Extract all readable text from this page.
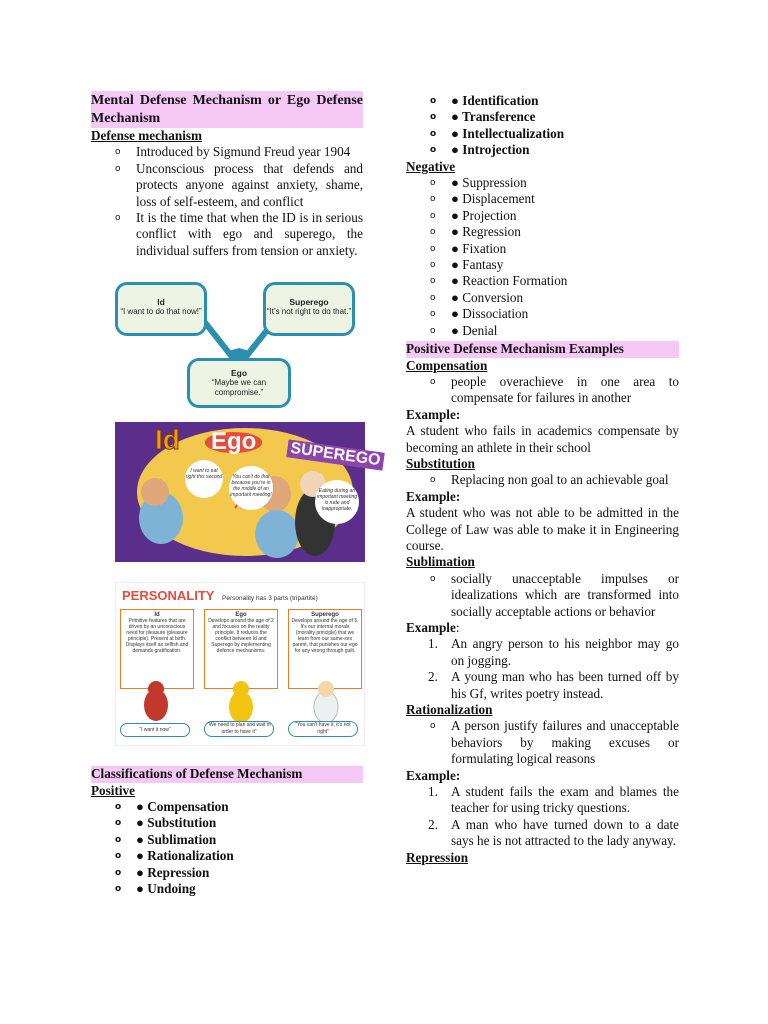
Mental Defense Mechanism or Ego Defense Mechanism
Defense mechanism
o Introduced by Sigmund Freud year 1904
o Unconscious process that defends and protects anyone against anxiety, shame, loss of self-esteem, and conflict
o It is the time that when the ID is in serious conflict with ego and superego, the individual suffers from tension or anxiety.
Id
“I want to do that now!”
Superego
“It’s not right to do that.”
Ego
“Maybe we can compromise.”
Id Ego	SUPEREGO
I want to eat right this second	You can't do that because you're in the middle of an important meeting!
Eating during an important meeting is rude and inappropriate.
PERSONALITY Personality has 3 parts (tripartite)
Id
Primitive features that are driven by an unconscious need for pleasure (pleasure principle). Present at birth. Displays itself as selfish and demands gratification.
Ego
Develops around the age of 2 and focuses on the reality principle. It reduces the conflict between Id and Superego by implementing defence mechanisms.
Superego
Develops around the age of 5. It's our internal morals (morality principle) that we learn from our same-sex parent, that punishes our ego for any wrong through guilt.
“I want it now”
“We need to plan and wait in order to have it”
“You can’t have it, it’s not right”
Classifications of Defense Mechanism
Positive
o ● Compensation
o ● Substitution
o ● Sublimation
o ● Rationalization
o ● Repression
o ● Undoing
o ● Identification
o ● Transference
o ● Intellectualization
o ● Introjection
Negative
o ● Suppression
o ● Displacement
o ● Projection
o ● Regression
o ● Fixation
o ● Fantasy
o ● Reaction Formation
o ● Conversion
o ● Dissociation
o ● Denial
Positive Defense Mechanism Examples
Compensation
o people overachieve in one area to compensate for failures in another
Example:
A student who fails in academics compensate by becoming an athlete in their school
Substitution
o Replacing non goal to an achievable goal
Example:
A student who was not able to be admitted in the College of Law was able to make it in Engineering course.
Sublimation
o socially unacceptable impulses or idealizations which are transformed into socially acceptable actions or behavior
Example:
1. An angry person to his neighbor may go on jogging.
2. A young man who has been turned off by his Gf, writes poetry instead.
Rationalization
o A person justify failures and unacceptable behaviors by making excuses or formulating logical reasons
Example:
1. A student fails the exam and blames the teacher for using tricky questions.
2. A man who have turned down to a date says he is not attracted to the lady anyway.
Repression
